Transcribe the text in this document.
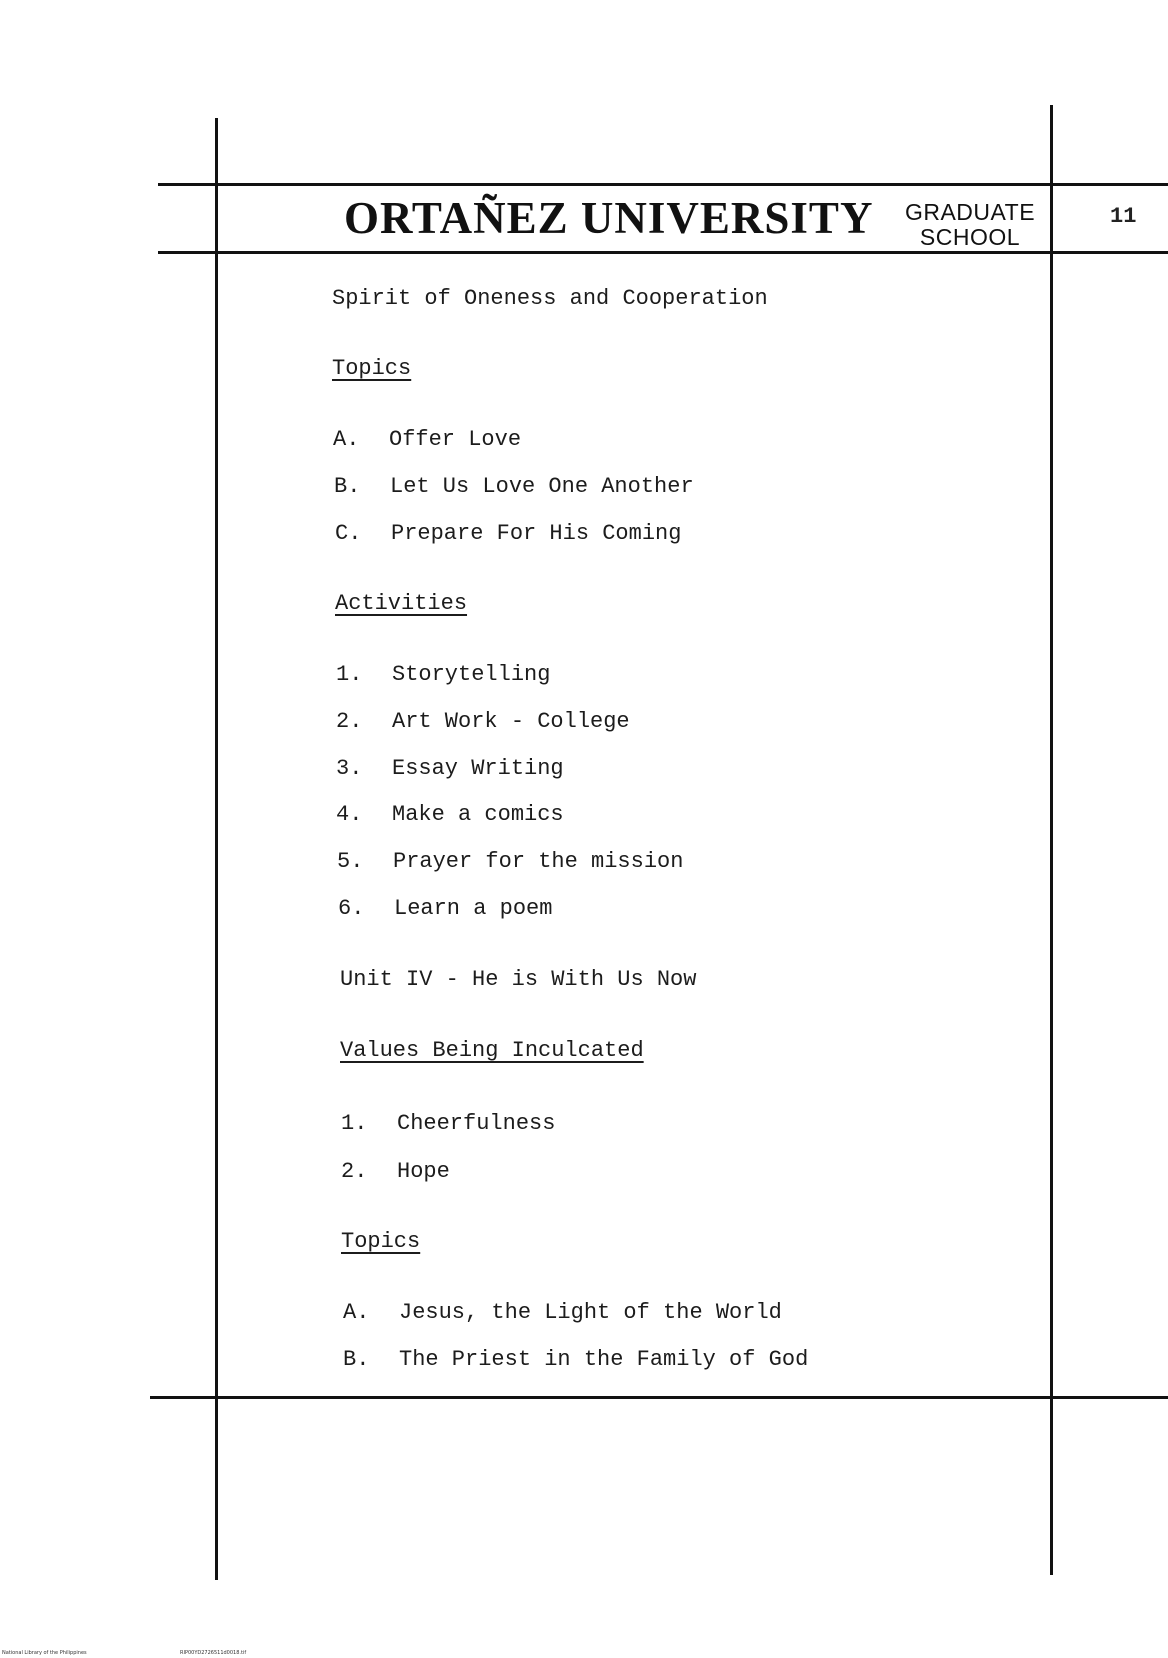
ORTAÑEZ UNIVERSITY	GRADUATE
SCHOOL
11
Spirit of Oneness and Cooperation
Topics
A. Offer Love
B. Let Us Love One Another
C. Prepare For His Coming
Activities
1. Storytelling
2. Art Work - College
3. Essay Writing
4. Make a comics
5. Prayer for the mission
6. Learn a poem
Unit IV - He is With Us Now
Values Being Inculcated
1. Cheerfulness
2. Hope
Topics
A. Jesus, the Light of the World
B. The Priest in the Family of God
National Library of the Philippines	RIP00YD2726511d0018.tif
